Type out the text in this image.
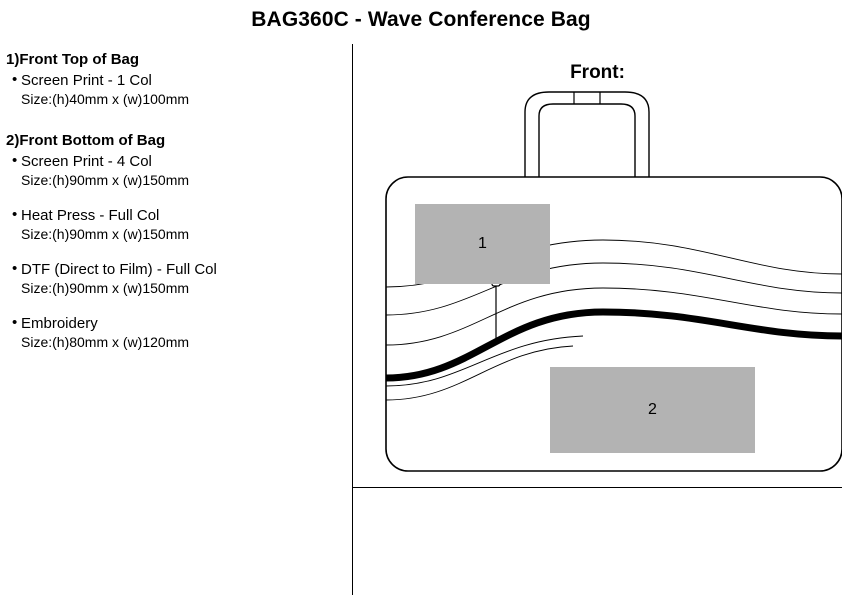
BAG360C - Wave Conference Bag
1)Front Top of Bag
• Screen Print - 1 Col
Size:(h)40mm x (w)100mm
2)Front Bottom of Bag
• Screen Print - 4 Col
Size:(h)90mm x (w)150mm
• Heat Press - Full Col
Size:(h)90mm x (w)150mm
• DTF (Direct to Film) - Full Col
Size:(h)90mm x (w)150mm
• Embroidery
Size:(h)80mm x (w)120mm
Front:
1
2
